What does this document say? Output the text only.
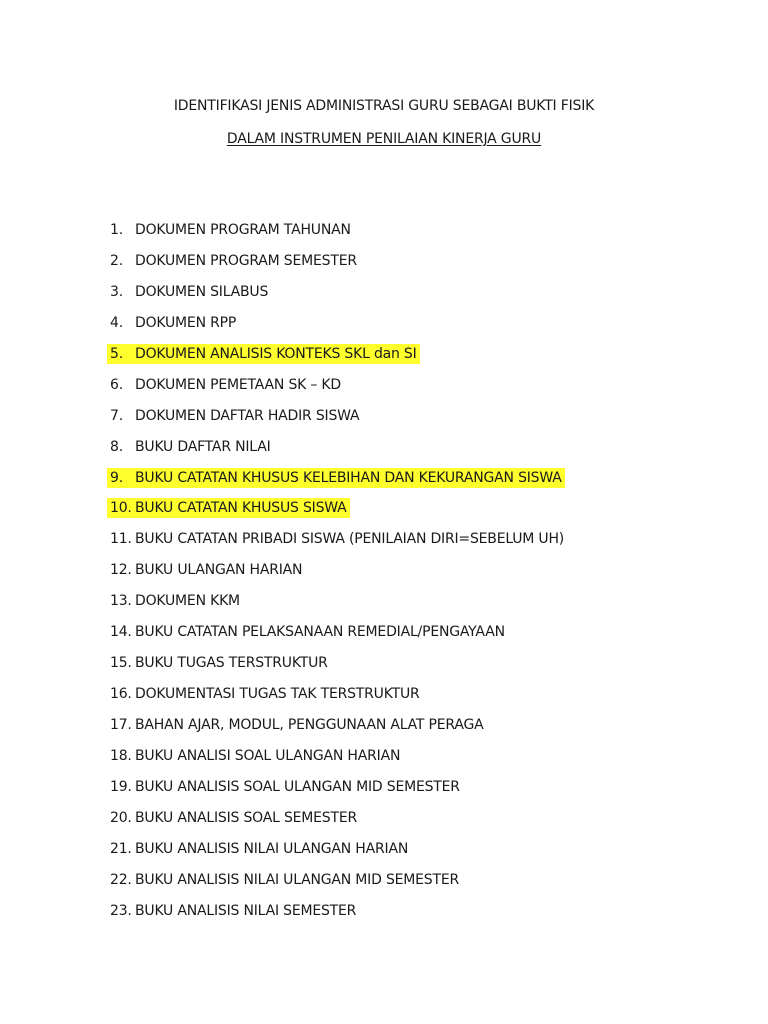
IDENTIFIKASI JENIS ADMINISTRASI GURU SEBAGAI BUKTI FISIK
DALAM INSTRUMEN PENILAIAN KINERJA GURU
1. DOKUMEN PROGRAM TAHUNAN
2. DOKUMEN PROGRAM SEMESTER
3. DOKUMEN SILABUS
4. DOKUMEN RPP
5. DOKUMEN ANALISIS KONTEKS SKL dan SI
6. DOKUMEN PEMETAAN SK – KD
7. DOKUMEN DAFTAR HADIR SISWA
8. BUKU DAFTAR NILAI
9. BUKU CATATAN KHUSUS KELEBIHAN DAN KEKURANGAN SISWA
10. BUKU CATATAN KHUSUS SISWA
11. BUKU CATATAN PRIBADI SISWA (PENILAIAN DIRI=SEBELUM UH)
12. BUKU ULANGAN HARIAN
13. DOKUMEN KKM
14. BUKU CATATAN PELAKSANAAN REMEDIAL/PENGAYAAN
15. BUKU TUGAS TERSTRUKTUR
16. DOKUMENTASI TUGAS TAK TERSTRUKTUR
17. BAHAN AJAR, MODUL, PENGGUNAAN ALAT PERAGA
18. BUKU ANALISI SOAL ULANGAN HARIAN
19. BUKU ANALISIS SOAL ULANGAN MID SEMESTER
20. BUKU ANALISIS SOAL SEMESTER
21. BUKU ANALISIS NILAI ULANGAN HARIAN
22. BUKU ANALISIS NILAI ULANGAN MID SEMESTER
23. BUKU ANALISIS NILAI SEMESTER
